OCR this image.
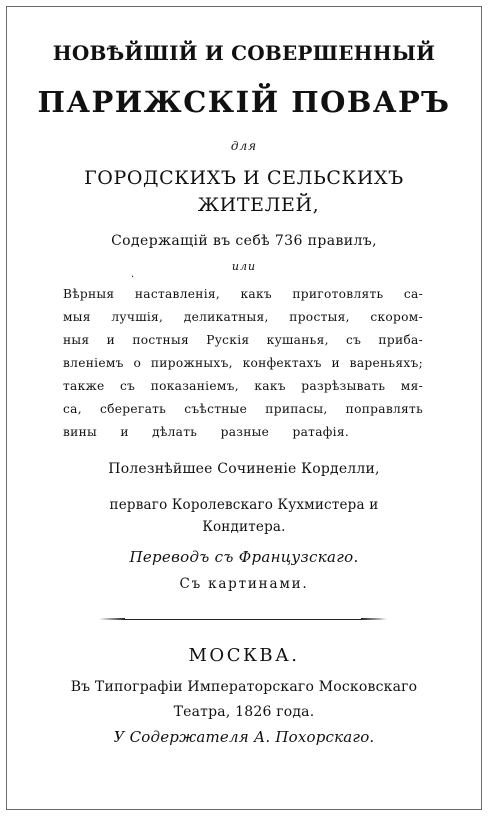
НОВѢЙШІЙ И СОВЕРШЕННЫЙ
ПАРИЖСКІЙ ПОВАРЪ
для
ГОРОДСКИХЪ И СЕЛЬСКИХЪ
ЖИТЕЛЕЙ,
Содержащій въ себѣ 736 правилъ,
или
·
Вѣрныя наставленія, какъ приготовлять са-
мыя лучшія, деликатныя, простыя, скором-
ныя и постныя Рускія кушанья, съ приба-
вленіемъ о пирожныхъ, конфектахъ и вареньяхъ;
также съ показаніемъ, какъ разрѣзывать мя-
са, сберегать съѣстные припасы, поправлять
вины и дѣлать разные ратафія.
Полезнѣйшее Сочиненіе Корделли,
перваго Королевскаго Кухмистера и
Кондитера.
Переводъ съ Французскаго.
Съ картинами.
МОСКВА.
Въ Типографіи Императорскаго Московскаго
Театра, 1826 года.
У Содержателя А. Похорскаго.
